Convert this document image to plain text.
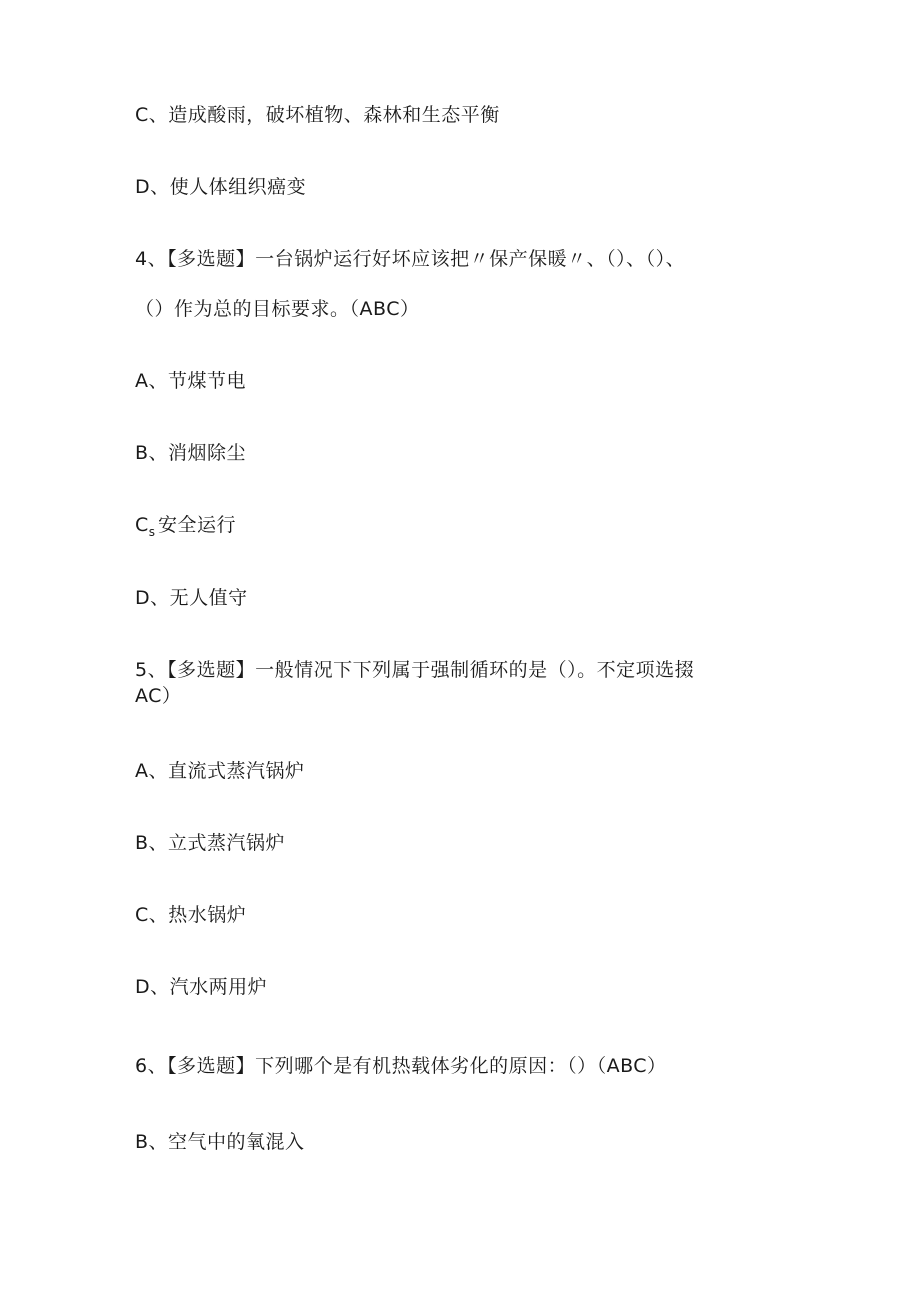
C、造成酸雨，破坏植物、森林和生态平衡
D、使人体组织癌变
4、【多选题】一台锅炉运行好坏应该把〃保产保暖〃、（）、（）、
（）作为总的目标要求。（ABC）
A、节煤节电
B、消烟除尘
$C_s$ 安全运行
D、无人值守
5、【多选题】一般情况下下列属于强制循环的是（）。不定项选掇
AC）
A、直流式蒸汽锅炉
B、立式蒸汽锅炉
C、热水锅炉
D、汽水两用炉
6、【多选题】下列哪个是有机热载体劣化的原因：（）（ABC）
B、空气中的氧混入
